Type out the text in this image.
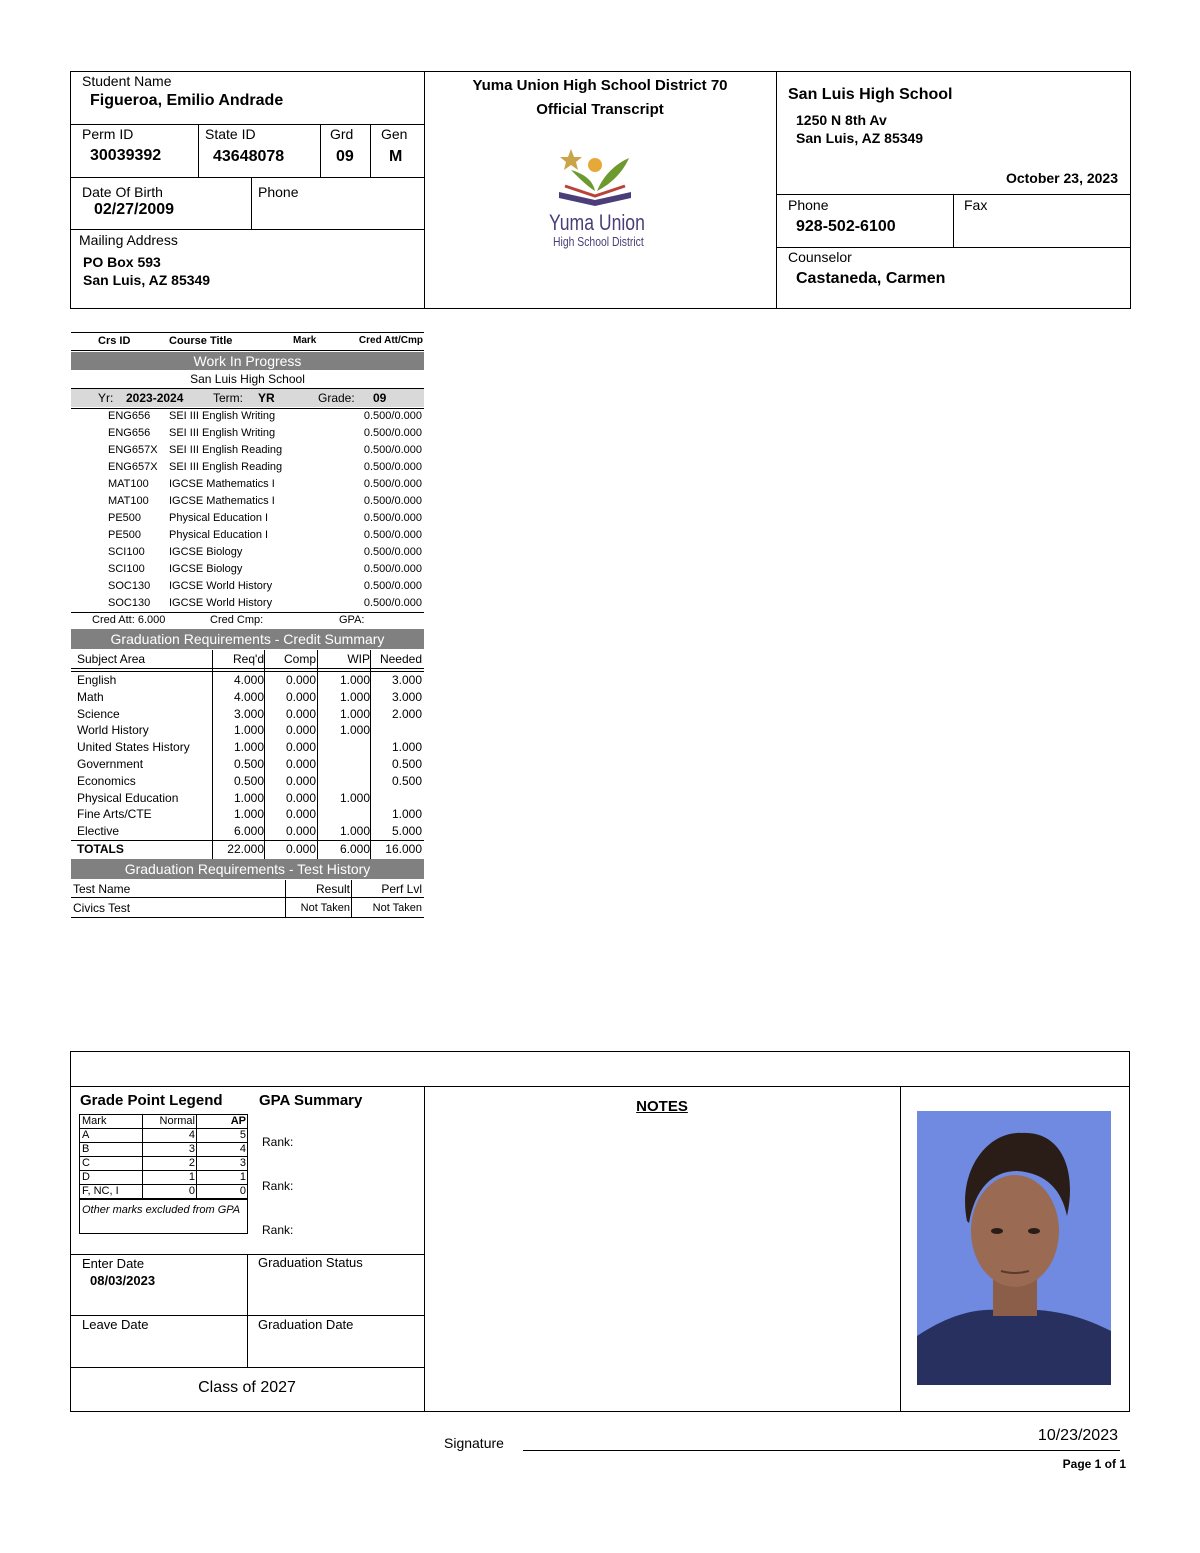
Student Name
Figueroa, Emilio Andrade
Perm ID
30039392
State ID
43648078
Grd
09
Gen
M
Date Of Birth
02/27/2009
Phone
Mailing Address
PO Box 593
San Luis, AZ 85349
Yuma Union High School District 70
Official Transcript
Yuma Union
High School District
San Luis High School
1250 N 8th Av
San Luis, AZ 85349
October 23, 2023
Phone
928-502-6100
Fax
Counselor
Castaneda, Carmen
Crs ID	Course Title	Mark	Cred Att/Cmp
Work In Progress
San Luis High School
Yr: 2023-2024 Term: YR	Grade: 09
ENG656 SEI III English Writing	0.500/0.000
ENG656 SEI III English Writing	0.500/0.000
ENG657X SEI III English Reading	0.500/0.000
ENG657X SEI III English Reading	0.500/0.000
MAT100 IGCSE Mathematics I	0.500/0.000
MAT100 IGCSE Mathematics I	0.500/0.000
PE500	Physical Education I	0.500/0.000
PE500	Physical Education I	0.500/0.000
SCI100 IGCSE Biology	0.500/0.000
SCI100 IGCSE Biology	0.500/0.000
SOC130 IGCSE World History	0.500/0.000
SOC130 IGCSE World History	0.500/0.000
Cred Att: 6.000	Cred Cmp:	GPA:
Graduation Requirements - Credit Summary
Subject Area	Req'd Comp	WIP Needed
English	4.000 0.000 1.000 3.000
Math	4.000 0.000 1.000 3.000
Science	3.000 0.000 1.000 2.000
World History	1.000 0.000 1.000
United States History	1.000 0.000	1.000
Government	0.500 0.000	0.500
Economics	0.500 0.000	0.500
Physical Education	1.000 0.000 1.000
Fine Arts/CTE	1.000 0.000	1.000
Elective	6.000 0.000 1.000 5.000
TOTALS	22.000 0.000 6.000 16.000
Graduation Requirements - Test History
Test Name	Result	Perf Lvl
Civics Test	Not Taken Not Taken
Grade Point Legend GPA Summary
Mark	Normal	AP
A	4	5
B	3	4
C	2	3
D	1	1
F, NC, I	0	0
Other marks excluded from GPA
Rank:
Rank:
Rank:
Enter Date
08/03/2023
Graduation Status
Leave Date	Graduation Date
Class of 2027
NOTES
Signature	10/23/2023
Page 1 of 1
